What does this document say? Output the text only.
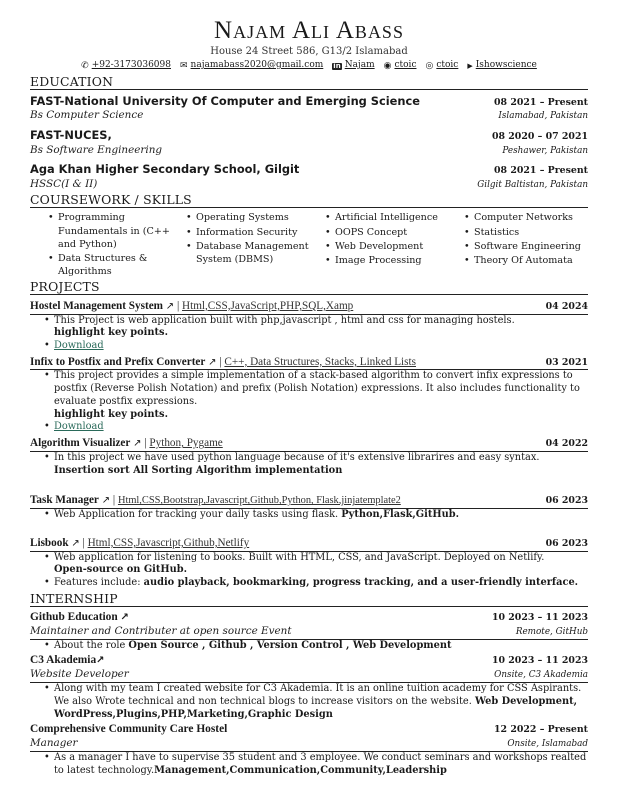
Najam Ali Abass
House 24 Street 586, G13/2 Islamabad
✆ +92-3173036098 ✉ najamabass2020@gmail.com in Najam ◉ ctoic ◎ ctoic ▶ Ishowscience
EDUCATION
FAST-National University Of Computer and Emerging Science	08 2021 – Present
Bs Computer Science	Islamabad, Pakistan
FAST-NUCES,	08 2020 – 07 2021
Bs Software Engineering	Peshawer, Pakistan
Aga Khan Higher Secondary School, Gilgit	08 2021 – Present
HSSC(I & II)	Gilgit Baltistan, Pakistan
COURSEWORK / SKILLS
• Programming Fundamentals in (C++ and Python)
• Data Structures & Algorithms
• Operating Systems
• Information Security
• Database Management System (DBMS)
• Artificial Intelligence
• OOPS Concept
• Web Development
• Image Processing
• Computer Networks
• Statistics
• Software Engineering
• Theory Of Automata
PROJECTS
Hostel Management System ↗ | Html,CSS,JavaScript,PHP,SQL,Xamp	04 2024
• This Project is web application built with php,javascript , html and css for managing hostels.
highlight key points.
• Download
Infix to Postfix and Prefix Converter ↗ | C++, Data Structures, Stacks, Linked Lists	03 2021
• This project provides a simple implementation of a stack-based algorithm to convert infix expressions to postfix (Reverse Polish Notation) and prefix (Polish Notation) expressions. It also includes functionality to evaluate postfix expressions.
highlight key points.
• Download
Algorithm Visualizer ↗ | Python, Pygame	04 2022
• In this project we have used python language because of it's extensive librarires and easy syntax. Insertion sort All Sorting Algorithm implementation
Task Manager ↗ | Html,CSS,Bootstrap,Javascript,Github,Python, Flask,jinjatemplate2	06 2023
• Web Application for tracking your daily tasks using flask. Python,Flask,GitHub.
Lisbook ↗ | Html,CSS,Javascript,Github,Netlify	06 2023
• Web application for listening to books. Built with HTML, CSS, and JavaScript. Deployed on Netlify.
Open-source on GitHub.
• Features include: audio playback, bookmarking, progress tracking, and a user-friendly interface.
INTERNSHIP
Github Education ↗	10 2023 – 11 2023
Maintainer and Contributer at open source Event	Remote, GitHub
• About the role Open Source , Github , Version Control , Web Development
C3 Akademia↗	10 2023 – 11 2023
Website Developer	Onsite, C3 Akademia
• Along with my team I created website for C3 Akademia. It is an online tuition academy for CSS Aspirants. We also Wrote technical and non technical blogs to increase visitors on the website. Web Development, WordPress,Plugins,PHP,Marketing,Graphic Design
Comprehensive Community Care Hostel	12 2022 – Present
Manager	Onsite, Islamabad
• As a manager I have to supervise 35 student and 3 employee. We conduct seminars and workshops realted to latest technology.Management,Communication,Community,Leadership
